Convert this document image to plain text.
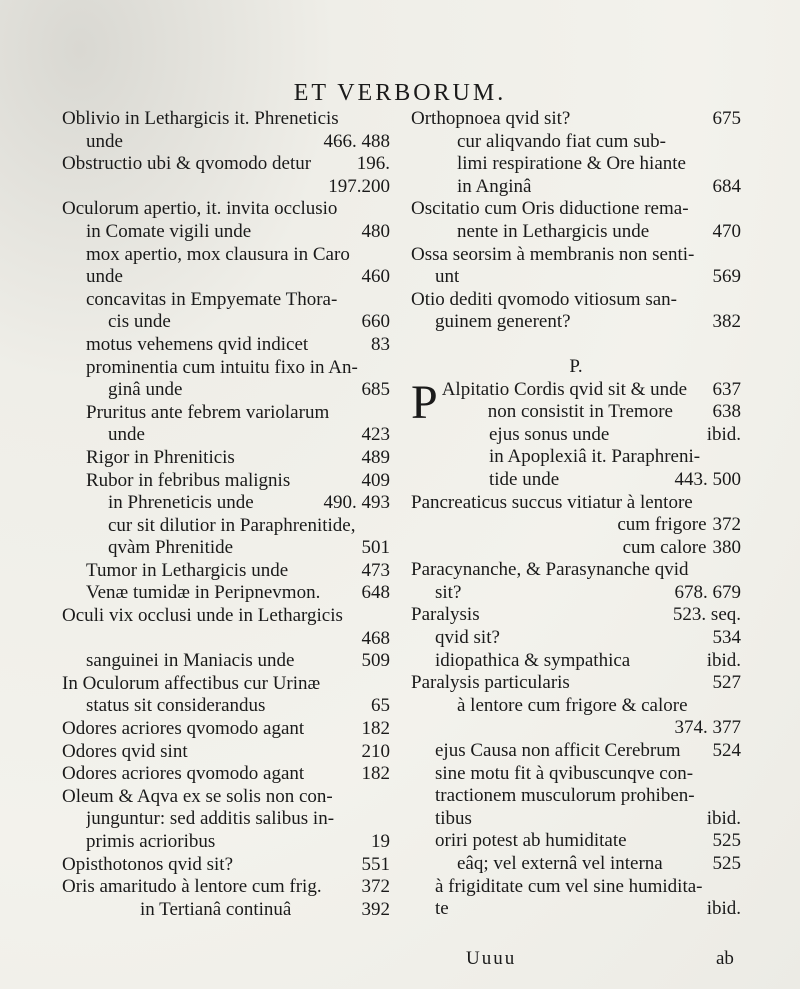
ET VERBORUM.
Oblivio in Lethargicis it. Phreneticis
unde	466. 488
Obstructio ubi & qvomodo detur	196.
197.200
Oculorum apertio, it. invita occlusio
in Comate vigili unde	480
mox apertio, mox clausura in Caro
unde	460
concavitas in Empyemate Thora-
cis unde	660
motus vehemens qvid indicet	83
prominentia cum intuitu fixo in An-
ginâ unde	685
Pruritus ante febrem variolarum
unde	423
Rigor in Phreniticis	489
Rubor in febribus malignis	409
in Phreneticis unde	490. 493
cur sit dilutior in Paraphrenitide,
qvàm Phrenitide	501
Tumor in Lethargicis unde	473
Venæ tumidæ in Peripnevmon.	648
Oculi vix occlusi unde in Lethargicis
468
sanguinei in Maniacis unde	509
In Oculorum affectibus cur Urinæ
status sit considerandus	65
Odores acriores qvomodo agant	182
Odores qvid sint	210
Odores acriores qvomodo agant	182
Oleum & Aqva ex se solis non con-
junguntur: sed additis salibus in-
primis acrioribus	19
Opisthotonos qvid sit?	551
Oris amaritudo à lentore cum frig.	372
in Tertianâ continuâ	392
Orthopnoea qvid sit?	675
cur aliqvando fiat cum sub-
limi respiratione & Ore hiante
in Anginâ	684
Oscitatio cum Oris diductione rema-
nente in Lethargicis unde	470
Ossa seorsim à membranis non senti-
unt	569
Otio dediti qvomodo vitiosum san-
guinem generent?	382
P.
P Alpitatio Cordis qvid sit & unde	637
non consistit in Tremore	638
ejus sonus unde	ibid.
in Apoplexiâ it. Paraphreni-
tide unde	443. 500
Pancreaticus succus vitiatur à lentore
cum frigore 372
cum calore 380
Paracynanche, & Parasynanche qvid
sit?	678. 679
Paralysis	523. seq.
qvid sit?	534
idiopathica & sympathica	ibid.
Paralysis particularis	527
à lentore cum frigore & calore
374. 377
ejus Causa non afficit Cerebrum	524
sine motu fit à qvibuscunqve con-
tractionem musculorum prohiben-
tibus	ibid.
oriri potest ab humiditate	525
eâq; vel externâ vel interna	525
à frigiditate cum vel sine humidita-
te	ibid.
Uuuu	ab
